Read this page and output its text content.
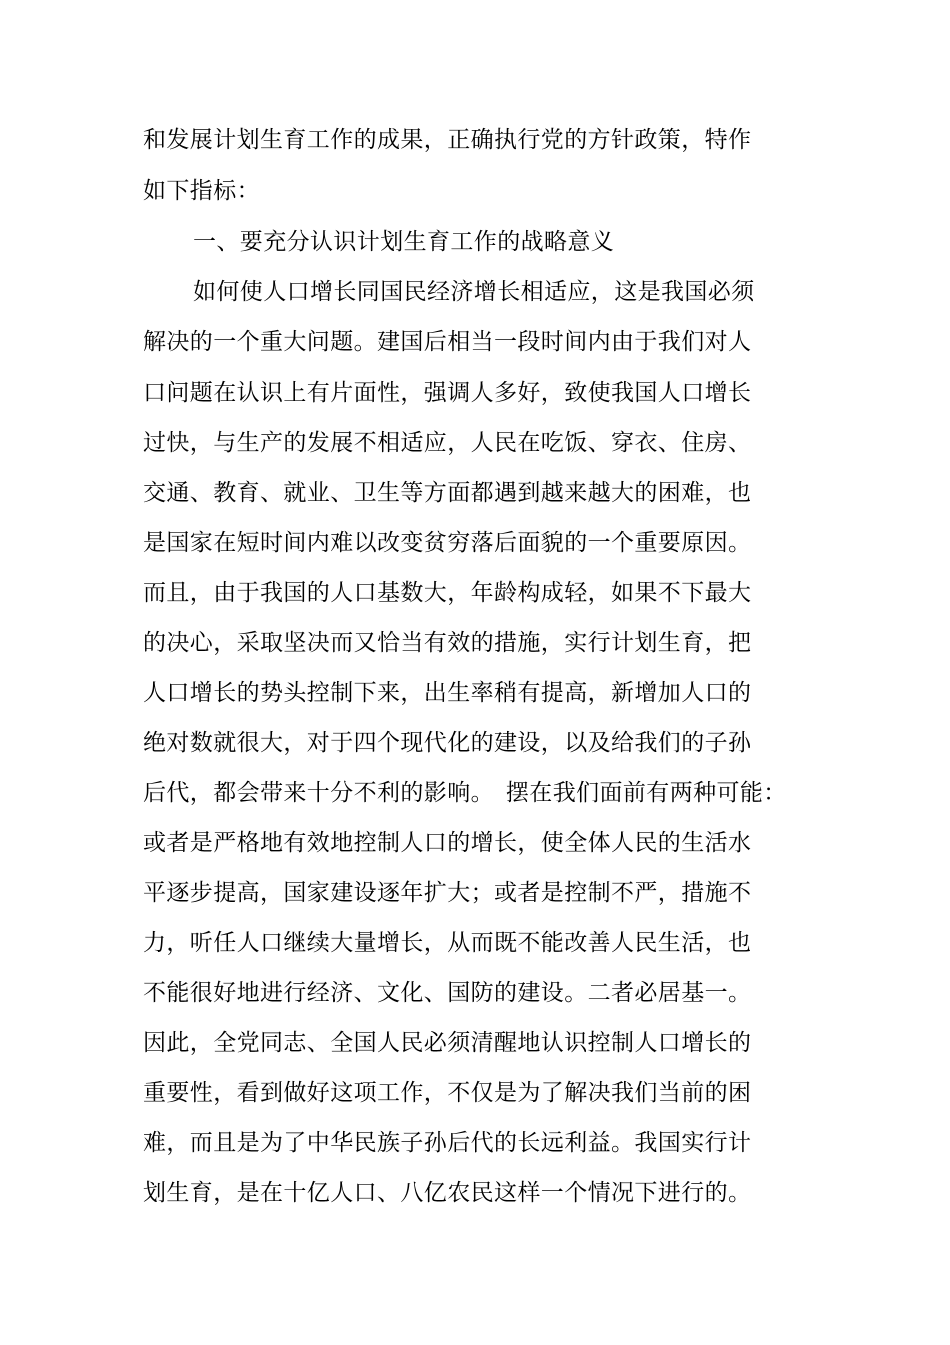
和发展计划生育工作的成果，正确执行党的方针政策，特作
如下指标：
一、要充分认识计划生育工作的战略意义
如何使人口增长同国民经济增长相适应，这是我国必须
解决的一个重大问题。建国后相当一段时间内由于我们对人
口问题在认识上有片面性，强调人多好，致使我国人口增长
过快，与生产的发展不相适应，人民在吃饭、穿衣、住房、
交通、教育、就业、卫生等方面都遇到越来越大的困难，也
是国家在短时间内难以改变贫穷落后面貌的一个重要原因。
而且，由于我国的人口基数大，年龄构成轻，如果不下最大
的决心，采取坚决而又恰当有效的措施，实行计划生育，把
人口增长的势头控制下来，出生率稍有提高，新增加人口的
绝对数就很大，对于四个现代化的建设，以及给我们的子孙
后代，都会带来十分不利的影响。　摆在我们面前有两种可能：
或者是严格地有效地控制人口的增长，使全体人民的生活水
平逐步提高，国家建设逐年扩大；或者是控制不严，措施不
力，听任人口继续大量增长，从而既不能改善人民生活，也
不能很好地进行经济、文化、国防的建设。二者必居基一。
因此，全党同志、全国人民必须清醒地认识控制人口增长的
重要性，看到做好这项工作，不仅是为了解决我们当前的困
难，而且是为了中华民族子孙后代的长远利益。我国实行计
划生育，是在十亿人口、八亿农民这样一个情况下进行的。
